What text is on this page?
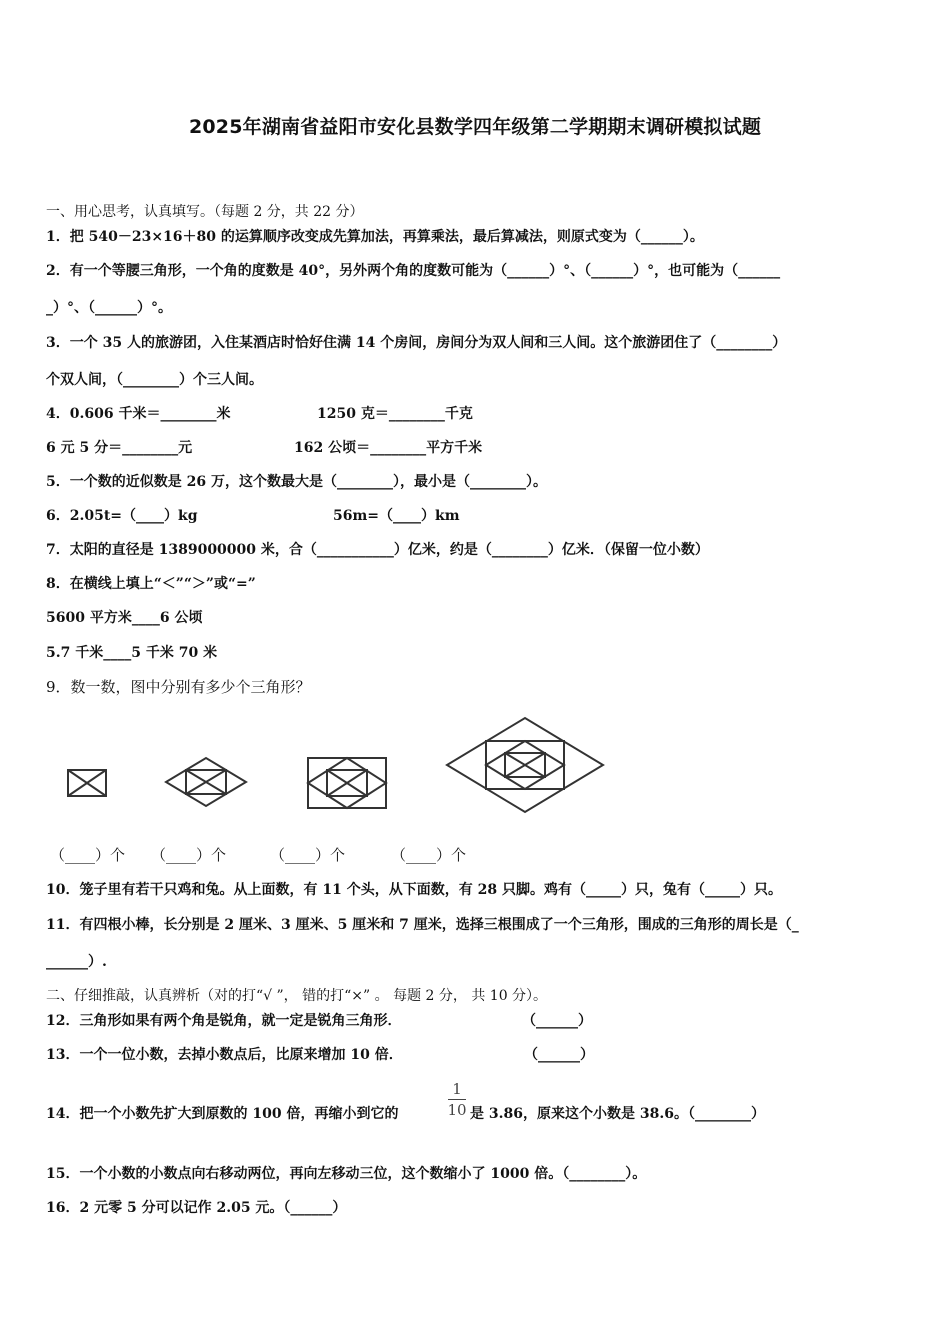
2025年湖南省益阳市安化县数学四年级第二学期期末调研模拟试题
一、用心思考，认真填写。（每题 2 分，共 22 分）
1．把 540－23×16＋80 的运算顺序改变成先算加法，再算乘法，最后算减法，则原式变为（______）。
2．有一个等腰三角形，一个角的度数是 40°，另外两个角的度数可能为（______）°、（______）°，也可能为（______
_）°、（______）°。
3．一个 35 人的旅游团，入住某酒店时恰好住满 14 个房间，房间分为双人间和三人间。这个旅游团住了（________）
个双人间，（________）个三人间。
4．0.606 千米＝________米	1250 克＝________千克
6 元 5 分＝________元	162 公顷＝________平方千米
5．一个数的近似数是 26 万，这个数最大是（________），最小是（________）。
6．2.05t=（____）kg	56m=（____）km
7．太阳的直径是 1389000000 米，合（___________）亿米，约是（________）亿米．（保留一位小数）
8．在横线上填上“＜”“＞”或“=”
5600 平方米____6 公顷
5.7 千米____5 千米 70 米
9．数一数，图中分别有多少个三角形？
（____）个 （____）个	（____）个	（____）个
10．笼子里有若干只鸡和兔。从上面数，有 11 个头，从下面数，有 28 只脚。鸡有（_____）只，兔有（_____）只。
11．有四根小棒，长分别是 2 厘米、3 厘米、5 厘米和 7 厘米，选择三根围成了一个三角形，围成的三角形的周长是（_
______）.
二、仔细推敲，认真辨析（对的打“√ ”， 错的打“×” 。 每题 2 分， 共 10 分）。
12．三角形如果有两个角是锐角，就一定是锐角三角形．	（______）
13．一个一位小数，去掉小数点后，比原来增加 10 倍．	（______）
14．把一个小数先扩大到原数的 100 倍，再缩小到它的
1
10 是 3.86，原来这个小数是 38.6。（________）
15．一个小数的小数点向右移动两位，再向左移动三位，这个数缩小了 1000 倍。（________）。
16．2 元零 5 分可以记作 2.05 元。（______）
